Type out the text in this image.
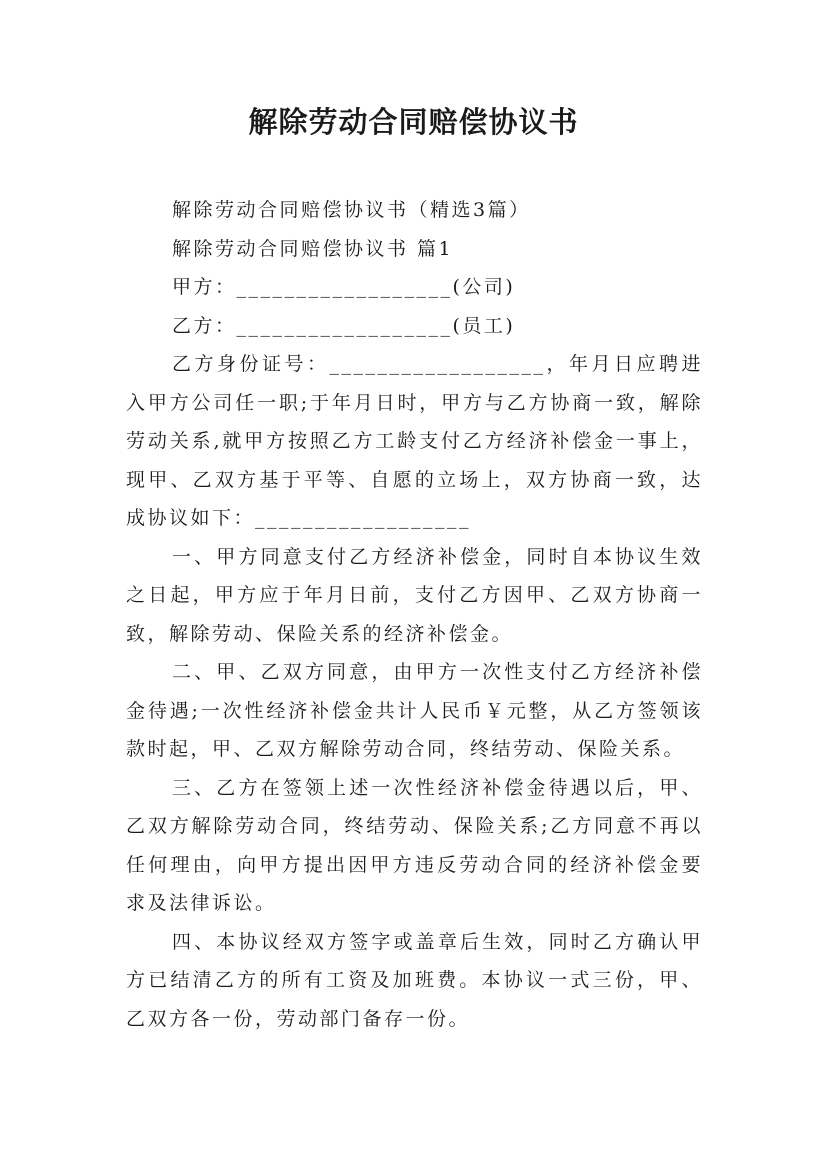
解除劳动合同赔偿协议书

解除劳动合同赔偿协议书（精选3篇）

解除劳动合同赔偿协议书 篇1

甲方：__________________(公司)

乙方：__________________(员工)

乙方身份证号：__________________，年月日应聘进入甲方公司任一职;于年月日时，甲方与乙方协商一致，解除劳动关系,就甲方按照乙方工龄支付乙方经济补偿金一事上，现甲、乙双方基于平等、自愿的立场上，双方协商一致，达成协议如下：__________________

一、甲方同意支付乙方经济补偿金，同时自本协议生效之日起，甲方应于年月日前，支付乙方因甲、乙双方协商一致，解除劳动、保险关系的经济补偿金。

二、甲、乙双方同意，由甲方一次性支付乙方经济补偿金待遇;一次性经济补偿金共计人民币￥元整，从乙方签领该款时起，甲、乙双方解除劳动合同，终结劳动、保险关系。

三、乙方在签领上述一次性经济补偿金待遇以后，甲、乙双方解除劳动合同，终结劳动、保险关系;乙方同意不再以任何理由，向甲方提出因甲方违反劳动合同的经济补偿金要求及法律诉讼。

四、本协议经双方签字或盖章后生效，同时乙方确认甲方已结清乙方的所有工资及加班费。本协议一式三份，甲、乙双方各一份，劳动部门备存一份。
